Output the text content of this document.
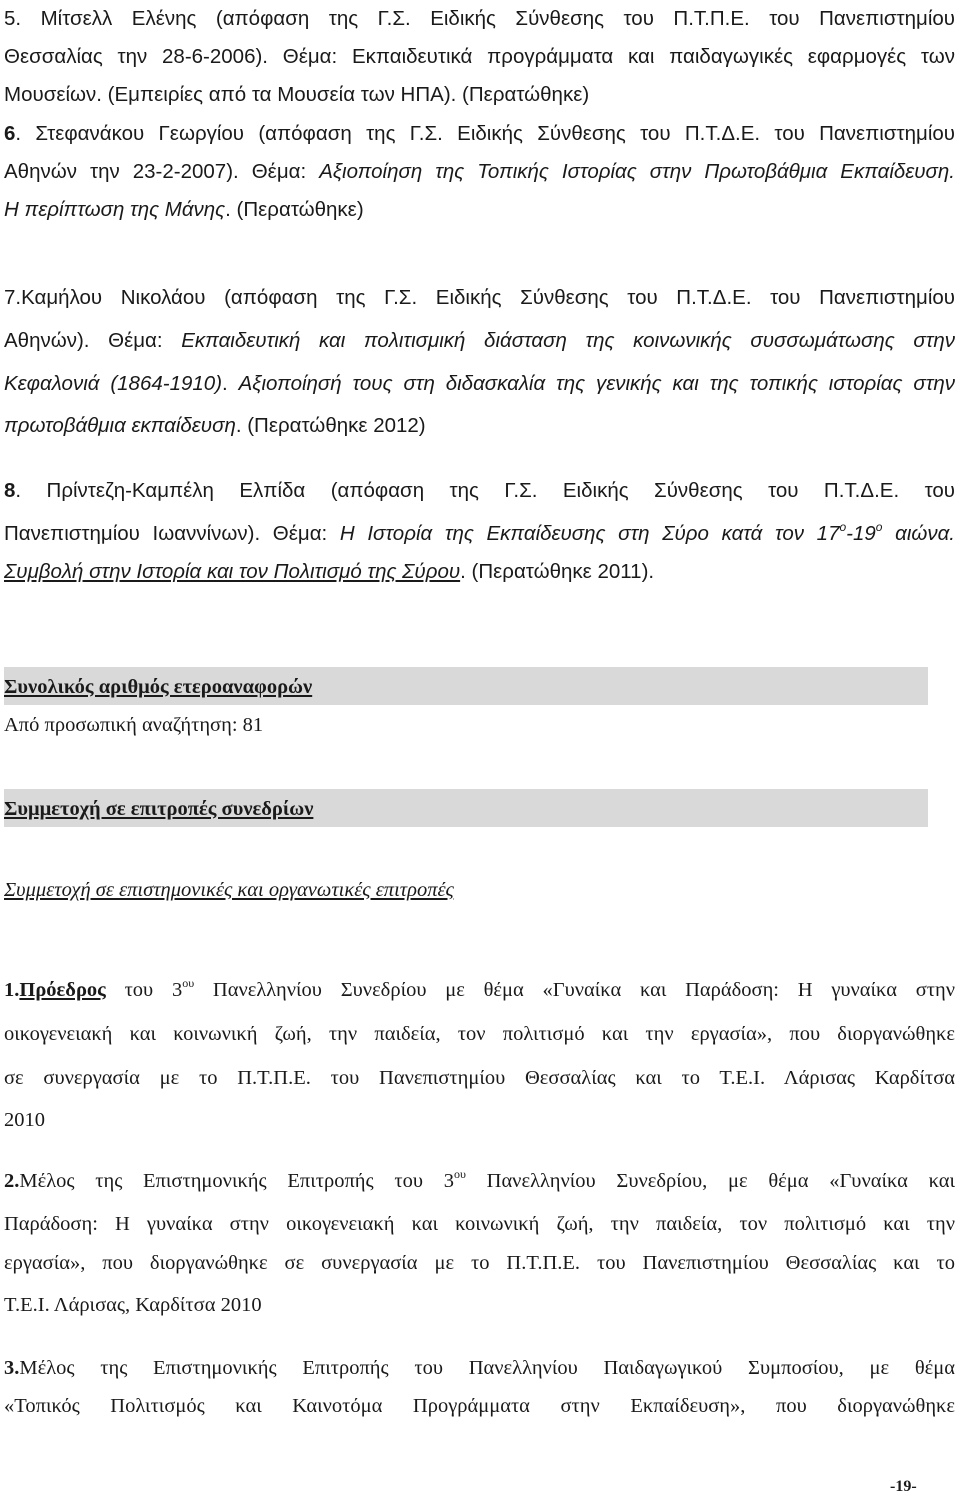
5. Μίτσελλ Ελένης (απόφαση της Γ.Σ. Ειδικής Σύνθεσης του Π.Τ.Π.Ε. του Πανεπιστημίου
Θεσσαλίας την 28-6-2006). Θέμα: Εκπαιδευτικά προγράμματα και παιδαγωγικές εφαρμογές των
Μουσείων. (Εμπειρίες από τα Μουσεία των ΗΠΑ). (Περατώθηκε)
6. Στεφανάκου Γεωργίου (απόφαση της Γ.Σ. Ειδικής Σύνθεσης του Π.Τ.Δ.Ε. του Πανεπιστημίου
Αθηνών την 23-2-2007). Θέμα: Αξιοποίηση της Τοπικής Ιστορίας στην Πρωτοβάθμια Εκπαίδευση.
Η περίπτωση της Μάνης. (Περατώθηκε)
7.Καμήλου Νικολάου (απόφαση της Γ.Σ. Ειδικής Σύνθεσης του Π.Τ.Δ.Ε. του Πανεπιστημίου
Αθηνών). Θέμα: Εκπαιδευτική και πολιτισμική διάσταση της κοινωνικής συσσωμάτωσης στην
Κεφαλονιά (1864-1910). Αξιοποίησή τους στη διδασκαλία της γενικής και της τοπικής ιστορίας στην
πρωτοβάθμια εκπαίδευση. (Περατώθηκε 2012)
8. Πρίντεζη-Καμπέλη Ελπίδα (απόφαση της Γ.Σ. Ειδικής Σύνθεσης του Π.Τ.Δ.Ε. του
Πανεπιστημίου Ιωαννίνων). Θέμα: Η Ιστορία της Εκπαίδευσης στη Σύρο κατά τον $17^o-19^o$ αιώνα.
Συμβολή στην Ιστορία και τον Πολιτισμό της Σύρου. (Περατώθηκε 2011).
Συνολικός αριθμός ετεροαναφορών
Από προσωπική αναζήτηση: 81
Συμμετοχή σε επιτροπές συνεδρίων
Συμμετοχή σε επιστημονικές και οργανωτικές επιτροπές
1.Πρόεδρος του $3^{o\upsilon}$ Πανελληνίου Συνεδρίου με θέμα «Γυναίκα και Παράδοση: Η γυναίκα στην
οικογενειακή και κοινωνική ζωή, την παιδεία, τον πολιτισμό και την εργασία», που διοργανώθηκε
σε συνεργασία με το Π.Τ.Π.Ε. του Πανεπιστημίου Θεσσαλίας και το Τ.Ε.Ι. Λάρισας Καρδίτσα
2010
2.Μέλος της Επιστημονικής Επιτροπής του $3^{o\upsilon}$ Πανελληνίου Συνεδρίου, με θέμα «Γυναίκα και
Παράδοση: Η γυναίκα στην οικογενειακή και κοινωνική ζωή, την παιδεία, τον πολιτισμό και την
εργασία», που διοργανώθηκε σε συνεργασία με το Π.Τ.Π.Ε. του Πανεπιστημίου Θεσσαλίας και το
Τ.Ε.Ι. Λάρισας, Καρδίτσα 2010
3.Μέλος της Επιστημονικής Επιτροπής του Πανελληνίου Παιδαγωγικού Συμποσίου, με θέμα
«Τοπικός Πολιτισμός και Καινοτόμα Προγράμματα στην Εκπαίδευση», που διοργανώθηκε
-19-
